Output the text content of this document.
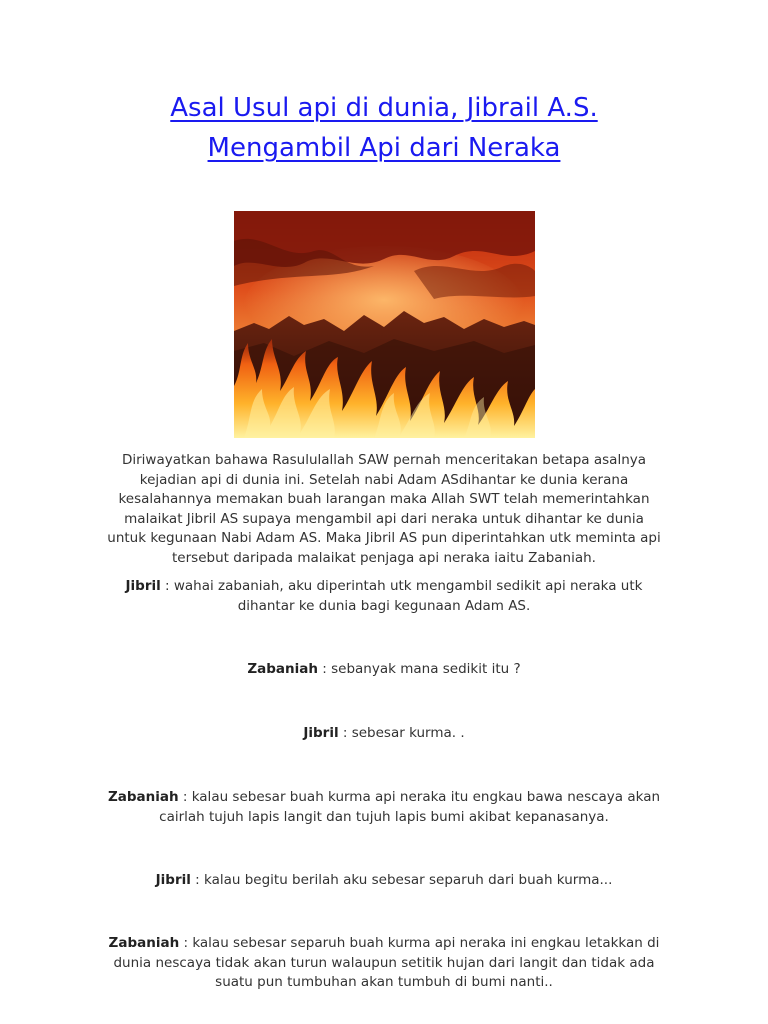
Asal Usul api di dunia, Jibrail A.S.
Mengambil Api dari Neraka

Diriwayatkan bahawa Rasululallah SAW pernah menceritakan betapa asalnya
kejadian api di dunia ini. Setelah nabi Adam ASdihantar ke dunia kerana
kesalahannya memakan buah larangan maka Allah SWT telah memerintahkan
malaikat Jibril AS supaya mengambil api dari neraka untuk dihantar ke dunia
untuk kegunaan Nabi Adam AS. Maka Jibril AS pun diperintahkan utk meminta api
tersebut daripada malaikat penjaga api neraka iaitu Zabaniah.

Jibril : wahai zabaniah, aku diperintah utk mengambil sedikit api neraka utk
dihantar ke dunia bagi kegunaan Adam AS.

Zabaniah : sebanyak mana sedikit itu ?

Jibril : sebesar kurma. .

Zabaniah : kalau sebesar buah kurma api neraka itu engkau bawa nescaya akan
cairlah tujuh lapis langit dan tujuh lapis bumi akibat kepanasanya.

Jibril : kalau begitu berilah aku sebesar separuh dari buah kurma...

Zabaniah : kalau sebesar separuh buah kurma api neraka ini engkau letakkan di
dunia nescaya tidak akan turun walaupun setitik hujan dari langit dan tidak ada
suatu pun tumbuhan akan tumbuh di bumi nanti..
